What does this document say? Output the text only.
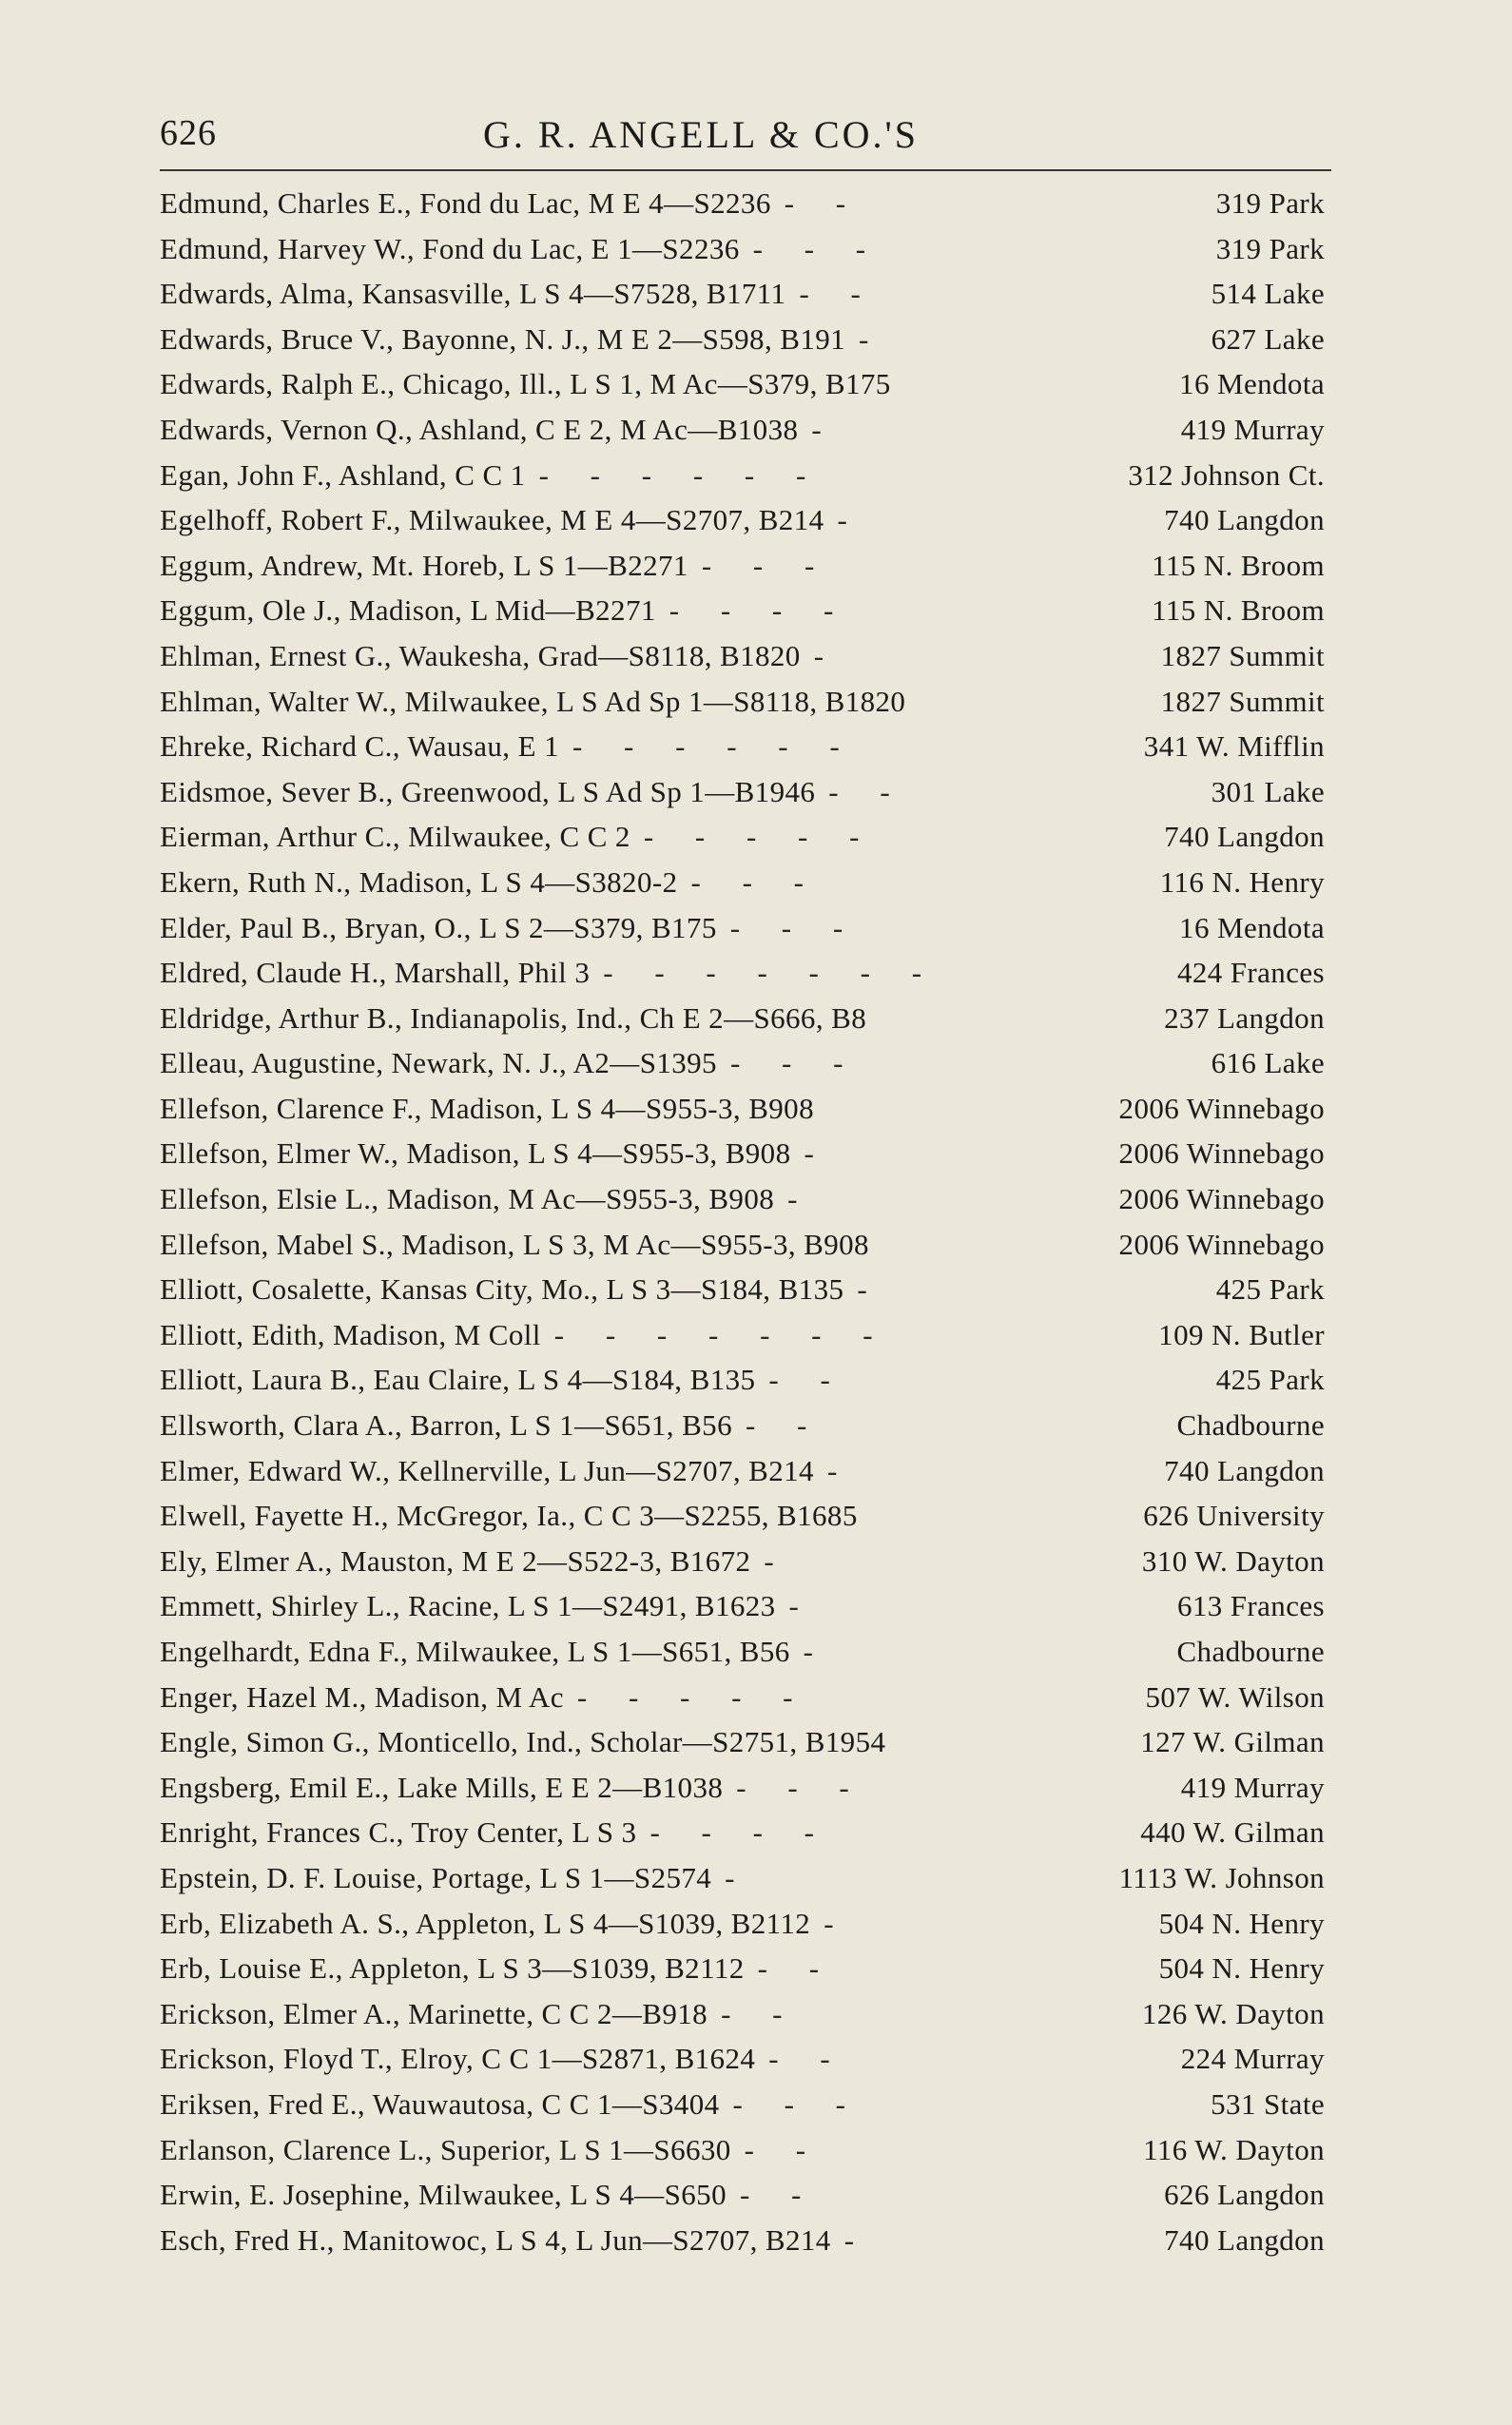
626	G. R. ANGELL & CO.'S
Edmund, Charles E., Fond du Lac, M E 4—S2236 - -	319 Park
Edmund, Harvey W., Fond du Lac, E 1—S2236 - - -	319 Park
Edwards, Alma, Kansasville, L S 4—S7528, B1711 - -	514 Lake
Edwards, Bruce V., Bayonne, N. J., M E 2—S598, B191 -	627 Lake
Edwards, Ralph E., Chicago, Ill., L S 1, M Ac—S379, B175	16 Mendota
Edwards, Vernon Q., Ashland, C E 2, M Ac—B1038 -	419 Murray
Egan, John F., Ashland, C C 1 - - - - - -	312 Johnson Ct.
Egelhoff, Robert F., Milwaukee, M E 4—S2707, B214 -	740 Langdon
Eggum, Andrew, Mt. Horeb, L S 1—B2271 - - -	115 N. Broom
Eggum, Ole J., Madison, L Mid—B2271 - - - -	115 N. Broom
Ehlman, Ernest G., Waukesha, Grad—S8118, B1820 -	1827 Summit
Ehlman, Walter W., Milwaukee, L S Ad Sp 1—S8118, B1820	1827 Summit
Ehreke, Richard C., Wausau, E 1 - - - - - -	341 W. Mifflin
Eidsmoe, Sever B., Greenwood, L S Ad Sp 1—B1946 - -	301 Lake
Eierman, Arthur C., Milwaukee, C C 2 - - - - -	740 Langdon
Ekern, Ruth N., Madison, L S 4—S3820-2 - - -	116 N. Henry
Elder, Paul B., Bryan, O., L S 2—S379, B175 - - -	16 Mendota
Eldred, Claude H., Marshall, Phil 3 - - - - - - -	424 Frances
Eldridge, Arthur B., Indianapolis, Ind., Ch E 2—S666, B8	237 Langdon
Elleau, Augustine, Newark, N. J., A2—S1395 - - -	616 Lake
Ellefson, Clarence F., Madison, L S 4—S955-3, B908	2006 Winnebago
Ellefson, Elmer W., Madison, L S 4—S955-3, B908 -	2006 Winnebago
Ellefson, Elsie L., Madison, M Ac—S955-3, B908 -	2006 Winnebago
Ellefson, Mabel S., Madison, L S 3, M Ac—S955-3, B908	2006 Winnebago
Elliott, Cosalette, Kansas City, Mo., L S 3—S184, B135 -	425 Park
Elliott, Edith, Madison, M Coll - - - - - - -	109 N. Butler
Elliott, Laura B., Eau Claire, L S 4—S184, B135 - -	425 Park
Ellsworth, Clara A., Barron, L S 1—S651, B56 - -	Chadbourne
Elmer, Edward W., Kellnerville, L Jun—S2707, B214 -	740 Langdon
Elwell, Fayette H., McGregor, Ia., C C 3—S2255, B1685	626 University
Ely, Elmer A., Mauston, M E 2—S522-3, B1672 -	310 W. Dayton
Emmett, Shirley L., Racine, L S 1—S2491, B1623 -	613 Frances
Engelhardt, Edna F., Milwaukee, L S 1—S651, B56 -	Chadbourne
Enger, Hazel M., Madison, M Ac - - - - -	507 W. Wilson
Engle, Simon G., Monticello, Ind., Scholar—S2751, B1954	127 W. Gilman
Engsberg, Emil E., Lake Mills, E E 2—B1038 - - -	419 Murray
Enright, Frances C., Troy Center, L S 3 - - - -	440 W. Gilman
Epstein, D. F. Louise, Portage, L S 1—S2574 -	1113 W. Johnson
Erb, Elizabeth A. S., Appleton, L S 4—S1039, B2112 -	504 N. Henry
Erb, Louise E., Appleton, L S 3—S1039, B2112 - -	504 N. Henry
Erickson, Elmer A., Marinette, C C 2—B918 - -	126 W. Dayton
Erickson, Floyd T., Elroy, C C 1—S2871, B1624 - -	224 Murray
Eriksen, Fred E., Wauwautosa, C C 1—S3404 - - -	531 State
Erlanson, Clarence L., Superior, L S 1—S6630 - -	116 W. Dayton
Erwin, E. Josephine, Milwaukee, L S 4—S650 - -	626 Langdon
Esch, Fred H., Manitowoc, L S 4, L Jun—S2707, B214 -	740 Langdon
